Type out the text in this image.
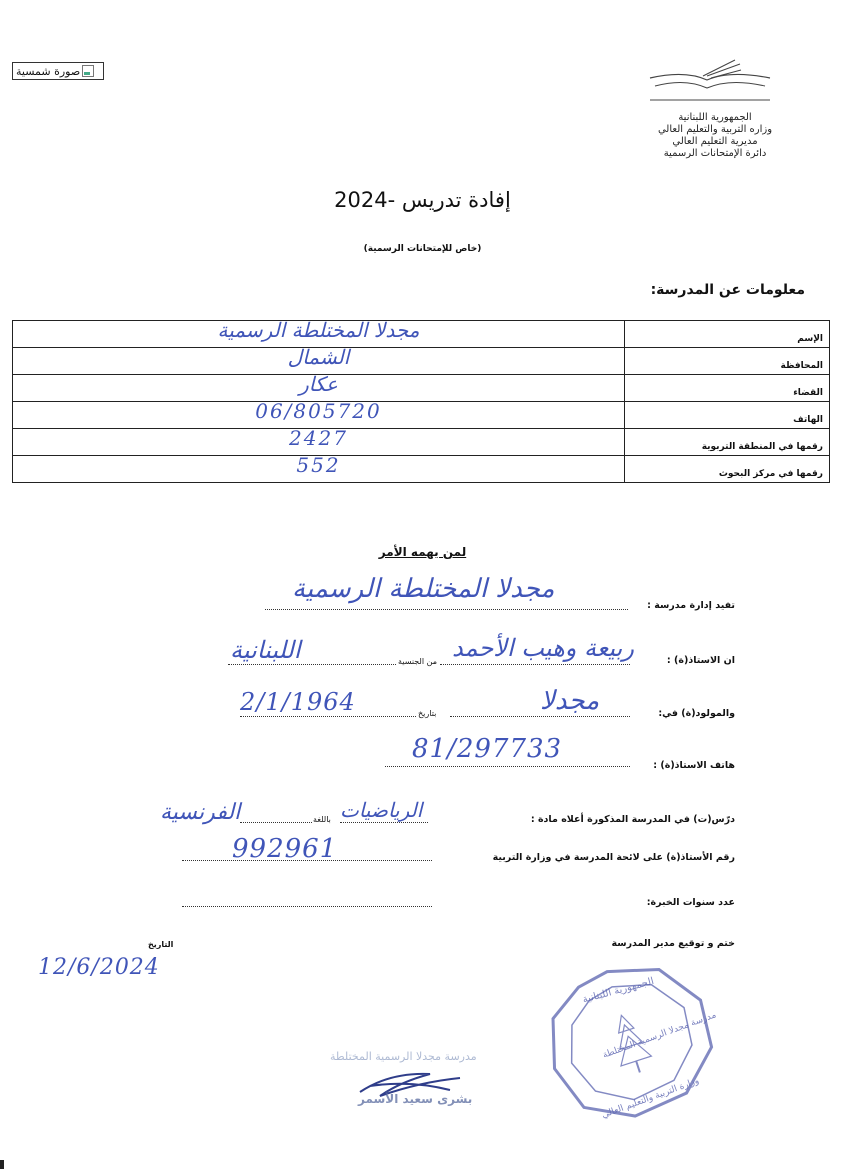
صورة شمسية
الجمهورية اللبنانية
وزاره التربية والتعليم العالي
مديرية التعليم العالي
دائرة الإمتحانات الرسمية
إفادة تدريس -2024
(خاص للإمتحانات الرسمية)
معلومات عن المدرسة:
الإسم	مجدلا المختلطة الرسمية
المحافظة	الشمال
القضاء	عكار
الهاتف	06/805720
رقمها في المنطقة التربوية	2427
رقمها في مركز البحوث	552
لمن يهمه الأمر
تفيد إدارة مدرسة :
مجدلا المختلطة الرسمية
ان الاستاذ(ة) :
ربيعة وهيب الأحمد
من الجنسية
اللبنانية
والمولود(ة) في:
مجدلا
بتاريخ
2/1/1964
هاتف الاستاذ(ة) :
81/297733
درّس(ت) في المدرسة المذكورة أعلاه مادة :
الرياضيات
باللغة
الفرنسية
رقم الأستاذ(ة) على لائحة المدرسة في وزارة التربية
992961
عدد سنوات الخبرة:
ختم و توقيع مدير المدرسة
التاريخ
12/6/2024
الجمهورية اللبنانية
مدرسة مجدلا الرسمية المختلطة
وزارة التربية والتعليم العالي
مدرسة مجدلا الرسمية المختلطة
بشرى سعيد الأسمر
